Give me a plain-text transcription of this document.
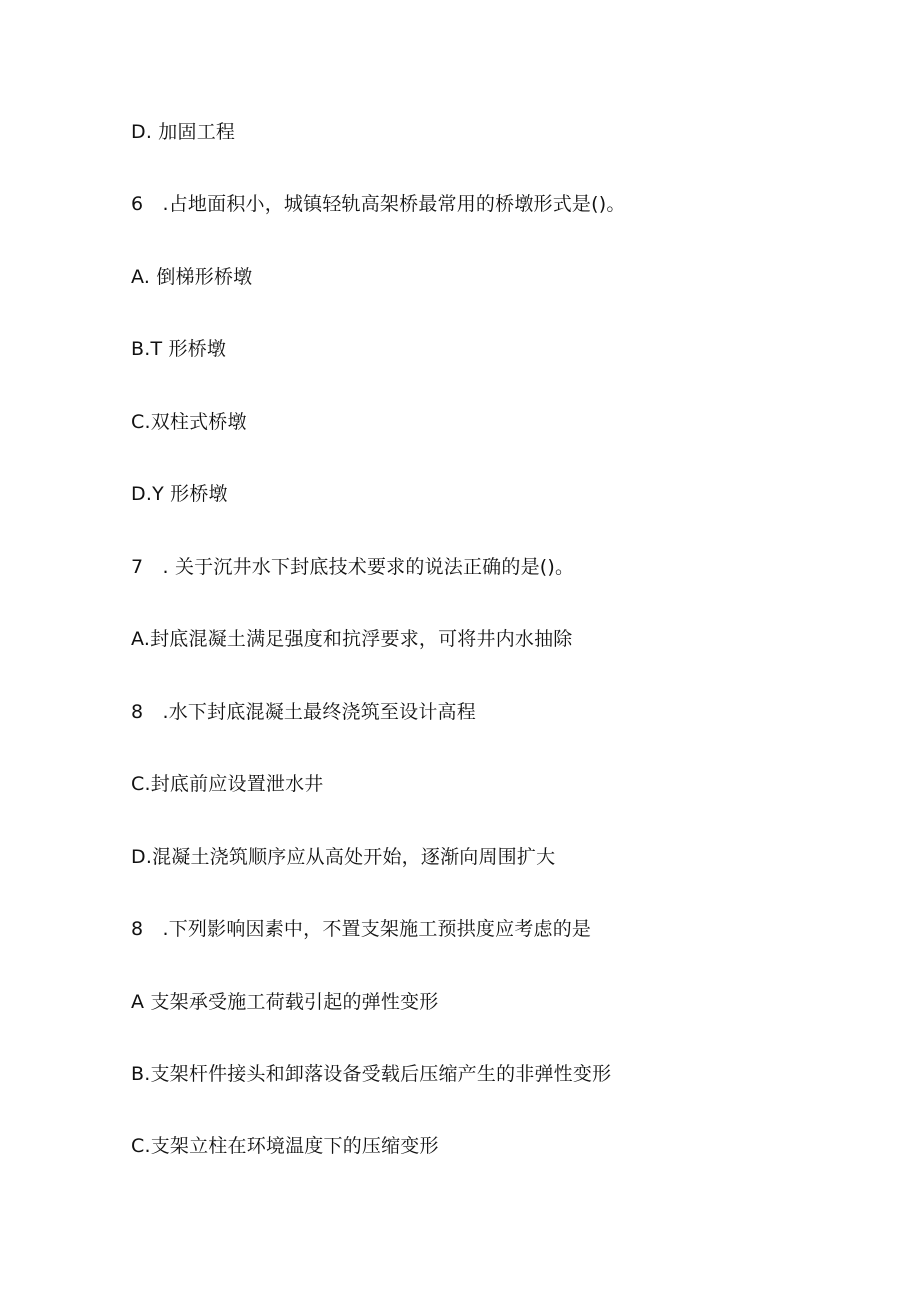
D. 加固工程
6　.占地面积小，城镇轻轨高架桥最常用的桥墩形式是()。
A. 倒梯形桥墩
B.T 形桥墩
C.双柱式桥墩
D.Y 形桥墩
7　. 关于沉井水下封底技术要求的说法正确的是()。
A.封底混凝土满足强度和抗浮要求，可将井内水抽除
8　.水下封底混凝土最终浇筑至设计高程
C.封底前应设置泄水井
D.混凝土浇筑顺序应从高处开始，逐渐向周围扩大
8　.下列影响因素中，不置支架施工预拱度应考虑的是
A 支架承受施工荷载引起的弹性变形
B.支架杆件接头和卸落设备受载后压缩产生的非弹性变形
C.支架立柱在环境温度下的压缩变形
